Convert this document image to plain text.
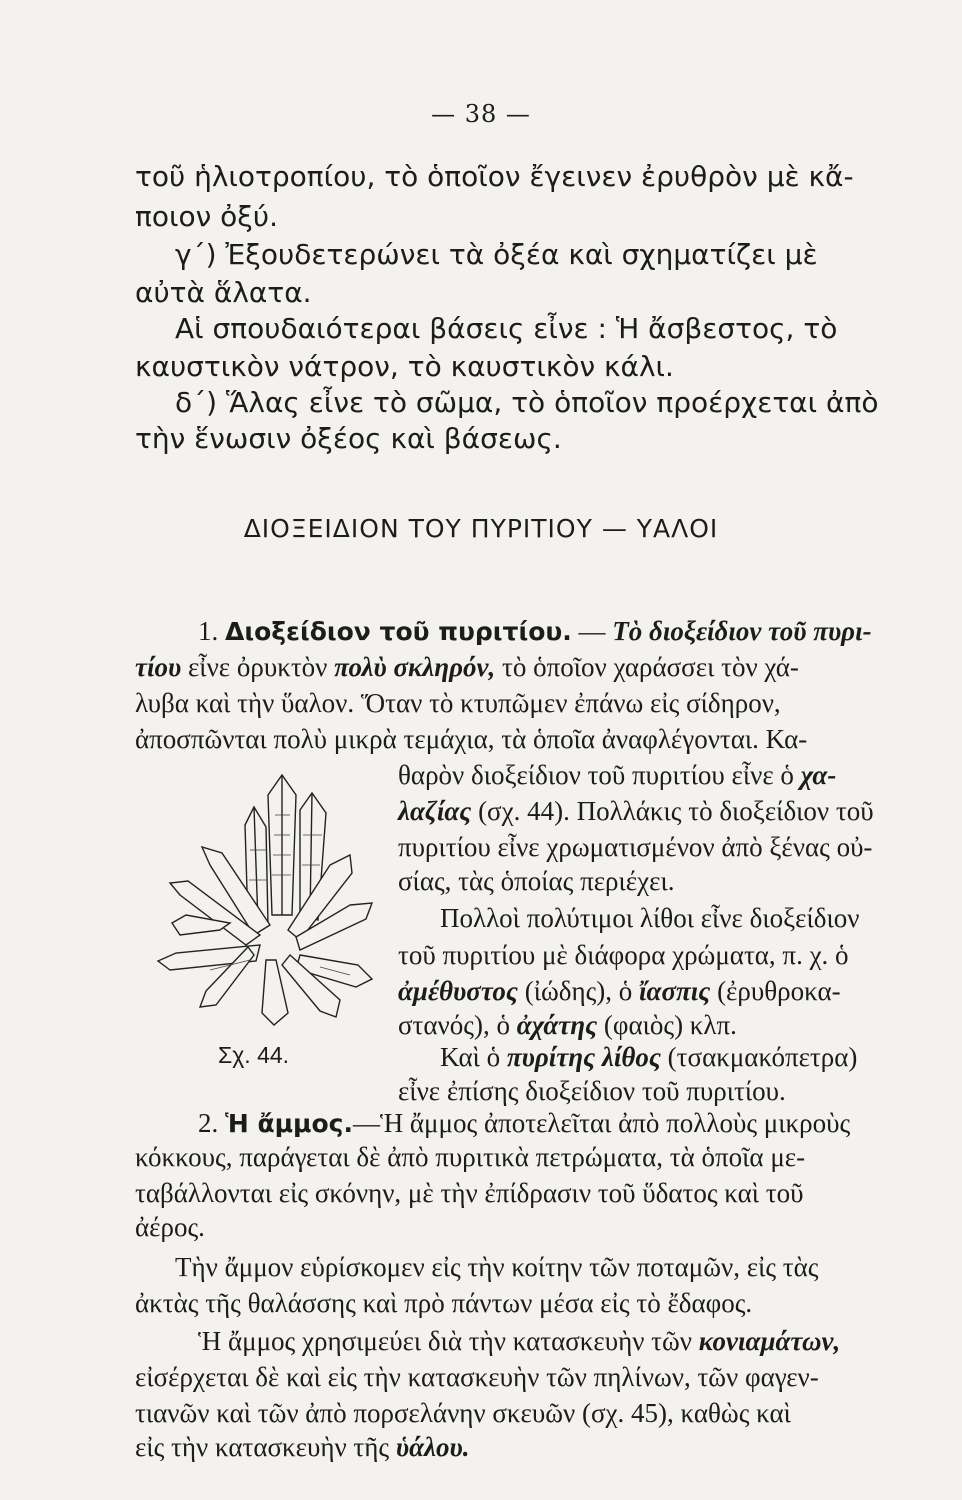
— 38 —
τοῦ ἡλιοτροπίου, τὸ ὁποῖον ἔγεινεν ἐρυθρὸν μὲ κἄ-
ποιον ὀξύ.
γ΄) Ἐξουδετερώνει τὰ ὀξέα καὶ σχηματίζει μὲ
αὐτὰ ἅλατα.
Αἱ σπουδαιότεραι βάσεις εἶνε : Ἡ ἄσβεστος, τὸ
καυστικὸν νάτρον, τὸ καυστικὸν κάλι.
δ΄) Ἅλας εἶνε τὸ σῶμα, τὸ ὁποῖον προέρχεται ἀπὸ
τὴν ἕνωσιν ὀξέος καὶ βάσεως.
ΔΙΟΞΕΙΔΙΟΝ ΤΟΥ ΠΥΡΙΤΙΟΥ — ΥΑΛΟΙ
1. Διοξείδιον τοῦ πυριτίου. — Τὸ διοξείδιον τοῦ πυρι-
τίου εἶνε ὀρυκτὸν πολὺ σκληρόν, τὸ ὁποῖον χαράσσει τὸν χά-
λυβα καὶ τὴν ὕαλον. Ὅταν τὸ κτυπῶμεν ἐπάνω εἰς σίδηρον,
ἀποσπῶνται πολὺ μικρὰ τεμάχια, τὰ ὁποῖα ἀναφλέγονται. Κα-
θαρὸν διοξείδιον τοῦ πυριτίου εἶνε ὁ χα-
λαζίας (σχ. 44). Πολλάκις τὸ διοξείδιον τοῦ
πυριτίου εἶνε χρωματισμένον ἀπὸ ξένας οὐ-
σίας, τὰς ὁποίας περιέχει.
Πολλοὶ πολύτιμοι λίθοι εἶνε διοξείδιον
τοῦ πυριτίου μὲ διάφορα χρώματα, π. χ. ὁ
ἀμέθυστος (ἰώδης), ὁ ἴασπις (ἐρυθροκα-
στανός), ὁ ἀχάτης (φαιὸς) κλπ.
Καὶ ὁ πυρίτης λίθος (τσακμακόπετρα)
εἶνε ἐπίσης διοξείδιον τοῦ πυριτίου.
Σχ. 44.
2. Ἡ ἄμμος.—Ἡ ἄμμος ἀποτελεῖται ἀπὸ πολλοὺς μικροὺς
κόκκους, παράγεται δὲ ἀπὸ πυριτικὰ πετρώματα, τὰ ὁποῖα με-
ταβάλλονται εἰς σκόνην, μὲ τὴν ἐπίδρασιν τοῦ ὕδατος καὶ τοῦ
ἀέρος.
Τὴν ἄμμον εὑρίσκομεν εἰς τὴν κοίτην τῶν ποταμῶν, εἰς τὰς
ἀκτὰς τῆς θαλάσσης καὶ πρὸ πάντων μέσα εἰς τὸ ἔδαφος.
Ἡ ἄμμος χρησιμεύει διὰ τὴν κατασκευὴν τῶν κονιαμάτων,
εἰσέρχεται δὲ καὶ εἰς τὴν κατασκευὴν τῶν πηλίνων, τῶν φαγεν-
τιανῶν καὶ τῶν ἀπὸ πορσελάνην σκευῶν (σχ. 45), καθὼς καὶ
εἰς τὴν κατασκευὴν τῆς ὑάλου.
